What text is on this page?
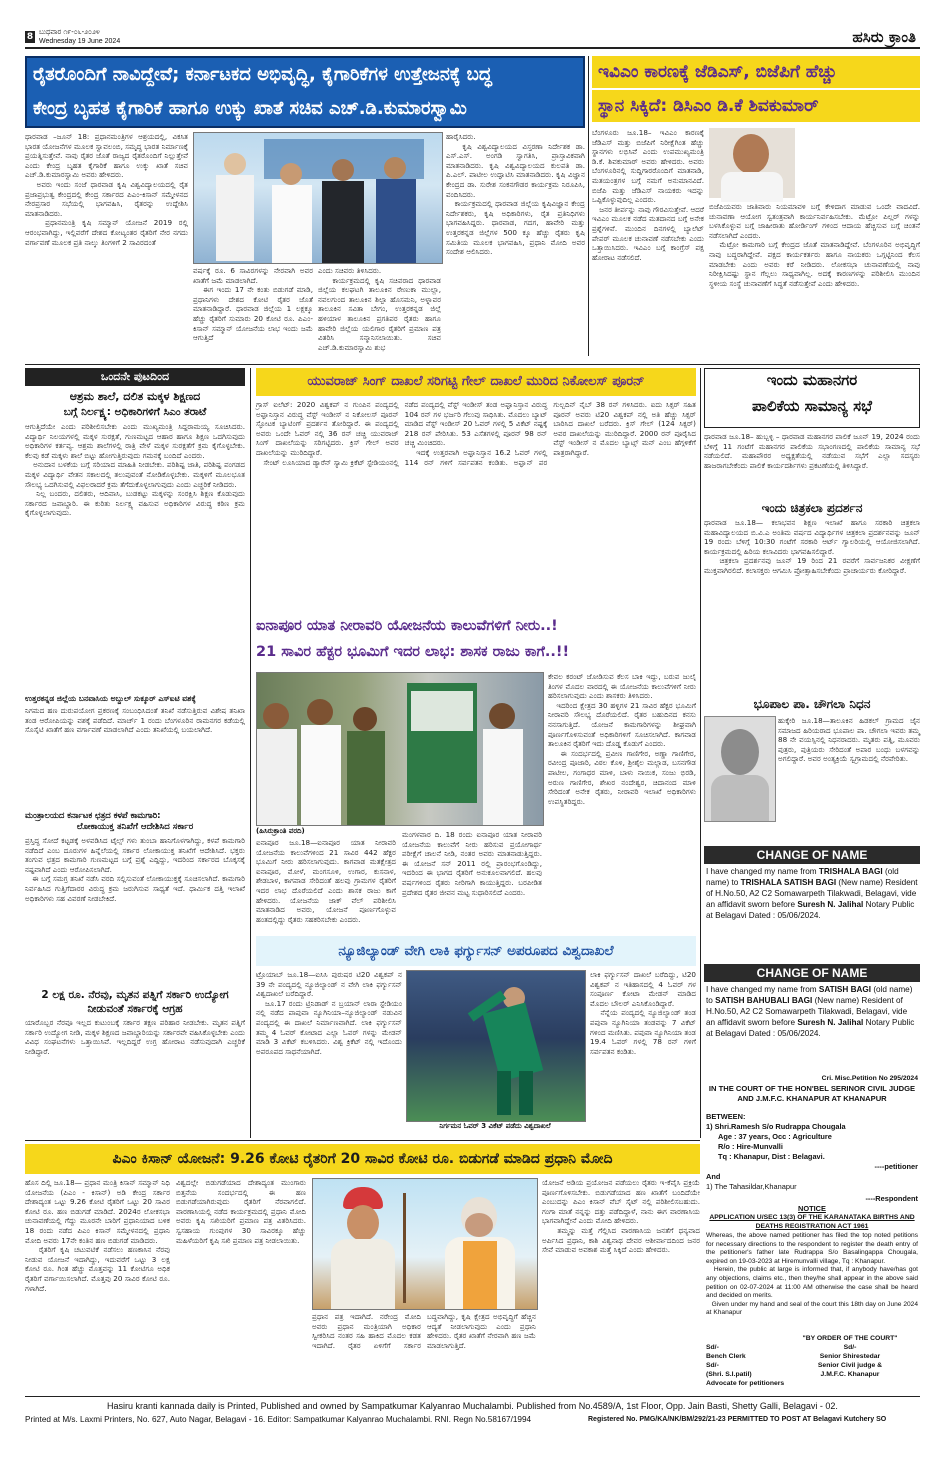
8 ಬುಧವಾರ ೧೯-೦೬-೨೦೨೪
Wednesday 19 June 2024	ಹಸಿರು ಕ್ರಾಂತಿ
ರೈತರೊಂದಿಗೆ ನಾವಿದ್ದೇವೆ; ಕರ್ನಾಟಕದ ಅಭಿವೃದ್ಧಿ, ಕೈಗಾರಿಕೆಗಳ ಉತ್ತೇಜನಕ್ಕೆ ಬದ್ಧ
ಕೇಂದ್ರ ಬೃಹತ ಕೈಗಾರಿಕೆ ಹಾಗೂ ಉಕ್ಕು ಖಾತೆ ಸಚಿವ ಎಚ್.ಡಿ.ಕುಮಾರಸ್ವಾಮಿ
ಧಾರವಾಡ –ಜೂನ್ 18: ಪ್ರಧಾನಮಂತ್ರಿಗಳ ಆಶ್ರಯದಲ್ಲಿ, ವಿಕಸಿತ ಭಾರತ ಯೋಜನೆಗಳ ಮೂಲಕ ಸ್ವಾವಲಂಬಿ, ಸಮೃದ್ಧ ಭಾರತ ನಿರ್ಮಾಣಕ್ಕೆ ಪ್ರಯತ್ನಿಸುತ್ತೇವೆ. ನಾವು ರೈತರ ಜೊತೆ ರಾಜ್ಯದ ರೈತರೊಂದಿಗೆ ನಿಲ್ಲುತ್ತೇವೆ ಎಂದು ಕೇಂದ್ರ ಬೃಹತ ಕೈಗಾರಿಕೆ ಹಾಗೂ ಉಕ್ಕು ಖಾತೆ ಸಚಿವ ಎಚ್.ಡಿ.ಕುಮಾರಸ್ವಾಮಿ ಅವರು ಹೇಳಿದರು.
ಅವರು ಇಂದು ಸಂಜೆ ಧಾರವಾಡ ಕೃಷಿ ವಿಶ್ವವಿದ್ಯಾಲಯದಲ್ಲಿ ರೈತ ಪ್ರಜಾಪ್ರಭುತ್ವ ಕೇಂದ್ರದಲ್ಲಿ ಕೇಂದ್ರ ಸರ್ಕಾರದ ಪಿಎಂ-ಕಿಸಾನ್ ಸಮ್ಮೇಳನದ ನೇರಪ್ರಸಾರ ಸಭೆಯಲ್ಲಿ ಭಾಗವಹಿಸಿ, ರೈತರನ್ನು ಉದ್ದೇಶಿಸಿ ಮಾತನಾಡಿದರು.
ಪ್ರಧಾನಮಂತ್ರಿ ಕೃಷಿ ಸಮ್ಮಾನ್ ಯೋಜನೆ 2019 ರಲ್ಲಿ ಆರಂಭವಾಗಿದ್ದು, ಇಲ್ಲಿವರೆಗೆ ದೇಶದ ಕೋಟ್ಯಂತರ ರೈತರಿಗೆ ನೇರ ನಗದು ವರ್ಗಾವಣೆ ಮೂಲಕ ಪ್ರತಿ ನಾಲ್ಕು ತಿಂಗಳಿಗೆ 2 ಸಾವಿರದಂತೆ
ವರ್ಷಕ್ಕೆ ರೂ. 6 ಸಾವಿರಗಳನ್ನು ನೇರವಾಗಿ ಅವರ ಖಾತೆಗೆ ಜಮೆ ಮಾಡಲಾಗಿದೆ.
ಈಗ ಇಂದು 17 ನೇ ಕಂತು ಬಿಡುಗಡೆ ಮಾಡಿ, ಪ್ರಧಾನಿಗಳು ದೇಶದ ಕೋಟಿ ರೈತರ ಜೊತೆ ಮಾತನಾಡಿದ್ದಾರೆ. ಧಾರವಾಡ ಜಿಲ್ಲೆಯ 1 ಲಕ್ಷಕ್ಕೂ ಹೆಚ್ಚು ರೈತರಿಗೆ ಸುಮಾರು 20 ಕೋಟಿ ರೂ. ಪಿಎಂ-ಕಿಸಾನ್ ಸಮ್ಮಾನ್ ಯೋಜನೆಯ ಲಾಭ ಇಂದು ಜಮೆ ಆಗುತ್ತಿದೆ
ಎಂದು ಸಚಿವರು ತಿಳಿಸಿದರು.
ಕಾರ್ಯಕ್ರಮದಲ್ಲಿ ಕೃಷಿ ಸಚಿವರಾದ ಧಾರವಾಡ ಜಿಲ್ಲೆಯ ಕಲಘಟಗಿ ತಾಲೂಕಿನ ರೇಣುಕಾ ಮುಲ್ಲಾ, ನವಲಗುಂದ ತಾಲೂಕಿನ ಶಿಲ್ಪಾ ಹೊಸಮನಿ, ಅಳ್ನಾವರ ತಾಲೂಕಿನ ಸವಿತಾ ಬೇಗಂ, ಉತ್ತರಕನ್ನಡ ಜಿಲ್ಲೆ ಹಳಿಯಾಳ ತಾಲೂಕಿನ ಪ್ರಗತಿಪರ ರೈತರು ಹಾಗೂ ಹಾವೇರಿ ಜಿಲ್ಲೆಯ ಯಲಿಗಾರ ರೈತರಿಗೆ ಪ್ರಮಾಣ ಪತ್ರ ವಿತರಿಸಿ ಸನ್ಮಾನಿಸಲಾಯಿತು. ಸಚಿವ ಎಚ್.ಡಿ.ಕುಮಾರಸ್ವಾಮಿ ಶುಭ
ಹಾರೈಸಿದರು.
ಕೃಷಿ ವಿಶ್ವವಿದ್ಯಾಲಯದ ವಿಸ್ತರಣಾ ನಿರ್ದೇಶಕ ಡಾ. ಎಸ್.ಎಸ್. ಅಂಗಡಿ ಸ್ವಾಗತಿಸಿ, ಪ್ರಾಸ್ತಾವಿಕವಾಗಿ ಮಾತನಾಡಿದರು. ಕೃಷಿ ವಿಶ್ವವಿದ್ಯಾಲಯದ ಕುಲಪತಿ ಡಾ. ಪಿ.ಎಲ್. ಪಾಟೀಲ ಉದ್ಘಾಟಿಸಿ ಮಾತನಾಡಿದರು. ಕೃಷಿ ವಿಜ್ಞಾನ ಕೇಂದ್ರದ ಡಾ. ಸುರೇಶ ಸಂಕನಗೌಡರ ಕಾರ್ಯಕ್ರಮ ನಿರೂಪಿಸಿ, ವಂದಿಸಿದರು.
ಕಾರ್ಯಕ್ರಮದಲ್ಲಿ ಧಾರವಾಡ ಜಿಲ್ಲೆಯ ಕೃಷಿವಿಜ್ಞಾನ ಕೇಂದ್ರ ನಿರ್ದೇಶಕರು, ಕೃಷಿ ಅಧಿಕಾರಿಗಳು, ರೈತ ಪ್ರತಿನಿಧಿಗಳು ಭಾಗವಹಿಸಿದ್ದರು. ಧಾರವಾಡ, ಗದಗ, ಹಾವೇರಿ ಮತ್ತು ಉತ್ತರಕನ್ನಡ ಜಿಲ್ಲೆಗಳ 500 ಕ್ಕೂ ಹೆಚ್ಚು ರೈತರು ಕೃಷಿ ಸಮಿತಿಯ ಮೂಲಕ ಭಾಗವಹಿಸಿ, ಪ್ರಧಾನಿ ಮೋದಿ ಅವರ ಸಂದೇಶ ಆಲಿಸಿದರು.
ಇವಿಎಂ ಕಾರಣಕ್ಕೆ ಜೆಡಿಎಸ್, ಬಿಜೆಪಿಗೆ ಹೆಚ್ಚು
ಸ್ಥಾನ ಸಿಕ್ಕಿದೆ: ಡಿಸಿಎಂ ಡಿ.ಕೆ ಶಿವಕುಮಾರ್
ಬೆಂಗಳೂರು ಜೂ.18– ಇವಿಎಂ ಕಾರಣಕ್ಕೆ ಜೆಡಿಎಸ್ ಮತ್ತು ಬಿಜೆಪಿಗೆ ನಿರೀಕ್ಷೆಗಿಂತ ಹೆಚ್ಚು ಸ್ಥಾನಗಳು ಲಭಿಸಿವೆ ಎಂದು ಉಪಮುಖ್ಯಮಂತ್ರಿ ಡಿ.ಕೆ. ಶಿವಕುಮಾರ್ ಅವರು ಹೇಳಿದರು. ಅವರು ಬೆಂಗಳೂರಿನಲ್ಲಿ ಸುದ್ದಿಗಾರರೊಂದಿಗೆ ಮಾತನಾಡಿ, ಮತಯಂತ್ರಗಳ ಬಗ್ಗೆ ನಮಗೆ ಅನುಮಾನವಿದೆ. ಬಿಜೆಪಿ ಮತ್ತು ಜೆಡಿಎಸ್ ನಾಯಕರು ಇದನ್ನು ಒಪ್ಪಿಕೊಳ್ಳುವುದಿಲ್ಲ ಎಂದರು.
ಜನರ ತೀರ್ಪನ್ನು ನಾವು ಗೌರವಿಸುತ್ತೇವೆ. ಆದರೆ ಇವಿಎಂ ಮೂಲಕ ನಡೆದ ಮತದಾನದ ಬಗ್ಗೆ ಅನೇಕ ಪ್ರಶ್ನೆಗಳಿವೆ. ಮುಂದಿನ ದಿನಗಳಲ್ಲಿ ಬ್ಯಾಲೆಟ್ ಪೇಪರ್ ಮೂಲಕ ಚುನಾವಣೆ ನಡೆಸಬೇಕು ಎಂದು ಒತ್ತಾಯಿಸಿದರು. ಇವಿಎಂ ಬಗ್ಗೆ ಕಾಂಗ್ರೆಸ್ ಪಕ್ಷ ಹೋರಾಟ ನಡೆಸಲಿದೆ.
ಬಿಜೆಪಿಯವರು ಜಾತಿವಾರು ನಿಯಮಾವಳಿ ಬಗ್ಗೆ ಕೇಳಿದಾಗ ಮಾಡುವ ಒಂದೇ ವಾದವಿದೆ. ಚುನಾವಣಾ ಆಯೋಗ ಸ್ವತಂತ್ರವಾಗಿ ಕಾರ್ಯನಿರ್ವಹಿಸಬೇಕು. ಮೆಟ್ರೋ ಪಿಲ್ಲರ್ ಗಳನ್ನು ಬಳಸಿಕೊಳ್ಳುವ ಬಗ್ಗೆ ಜಾಹೀರಾತು ಹೋರ್ಡಿಂಗ್ ಗಳಿಂದ ಆದಾಯ ಹೆಚ್ಚಿಸುವ ಬಗ್ಗೆ ಚಿಂತನೆ ನಡೆಸಲಾಗಿದೆ ಎಂದರು.
ಮೆಟ್ರೋ ಕಾಮಗಾರಿ ಬಗ್ಗೆ ಕೇಂದ್ರದ ಜೊತೆ ಮಾತನಾಡಿದ್ದೇವೆ. ಬೆಂಗಳೂರಿನ ಅಭಿವೃದ್ಧಿಗೆ ನಾವು ಬದ್ಧರಾಗಿದ್ದೇವೆ. ಪಕ್ಷದ ಕಾರ್ಯಕರ್ತರು ಹಾಗೂ ನಾಯಕರು ಒಗ್ಗಟ್ಟಿನಿಂದ ಕೆಲಸ ಮಾಡಬೇಕು ಎಂದು ಅವರು ಕರೆ ನೀಡಿದರು. ಲೋಕಸಭಾ ಚುನಾವಣೆಯಲ್ಲಿ ನಾವು ನಿರೀಕ್ಷಿಸಿದಷ್ಟು ಸ್ಥಾನ ಗೆಲ್ಲಲು ಸಾಧ್ಯವಾಗಿಲ್ಲ. ಅದಕ್ಕೆ ಕಾರಣಗಳನ್ನು ಪರಿಶೀಲಿಸಿ ಮುಂದಿನ ಸ್ಥಳೀಯ ಸಂಸ್ಥೆ ಚುನಾವಣೆಗೆ ಸಿದ್ಧತೆ ನಡೆಸುತ್ತೇವೆ ಎಂದು ಹೇಳಿದರು.
ಒಂದನೇ ಪುಟದಿಂದ
ಆಶ್ರಮ ಶಾಲೆ, ದಲಿತ ಮಕ್ಕಳ ಶಿಕ್ಷಣದ
ಬಗ್ಗೆ ನಿರ್ಲಕ್ಷ್ಯ: ಅಧಿಕಾರಿಗಳಿಗೆ ಸಿಎಂ ತರಾಟೆ
ಆಗುತ್ತಿದೆಯೇ ಎಂದು ಪರಿಶೀಲಿಸಬೇಕು ಎಂದು ಮುಖ್ಯಮಂತ್ರಿ ಸಿದ್ದರಾಮಯ್ಯ ಸೂಚಿಸಿದರು. ವಿದ್ಯಾರ್ಥಿ ನಿಲಯಗಳಲ್ಲಿ ಮಕ್ಕಳ ಸುರಕ್ಷತೆ, ಗುಣಮಟ್ಟದ ಆಹಾರ ಹಾಗೂ ಶಿಕ್ಷಣ ಒದಗಿಸುವುದು ಅಧಿಕಾರಿಗಳ ಕರ್ತವ್ಯ. ಆಶ್ರಮ ಶಾಲೆಗಳಲ್ಲಿ ರಾತ್ರಿ ವೇಳೆ ಮಕ್ಕಳ ಸುರಕ್ಷತೆಗೆ ಕ್ರಮ ಕೈಗೊಳ್ಳಬೇಕು. ಕೆಲವು ಕಡೆ ಮಕ್ಕಳು ಶಾಲೆ ಬಿಟ್ಟು ಹೋಗುತ್ತಿರುವುದು ಗಮನಕ್ಕೆ ಬಂದಿದೆ ಎಂದರು.
ಅನುದಾನ ಬಳಕೆಯ ಬಗ್ಗೆ ಸರಿಯಾದ ಮಾಹಿತಿ ನೀಡಬೇಕು. ಪರಿಶಿಷ್ಟ ಜಾತಿ, ಪರಿಶಿಷ್ಟ ಪಂಗಡದ ಮಕ್ಕಳ ವಿದ್ಯಾರ್ಥಿ ವೇತನ ಸಕಾಲದಲ್ಲಿ ತಲುಪುವಂತೆ ನೋಡಿಕೊಳ್ಳಬೇಕು. ಮಕ್ಕಳಿಗೆ ಮೂಲಭೂತ ಸೌಲಭ್ಯ ಒದಗಿಸುವಲ್ಲಿ ವಿಫಲರಾದರೆ ಕ್ರಮ ತೆಗೆದುಕೊಳ್ಳಲಾಗುವುದು ಎಂದು ಎಚ್ಚರಿಕೆ ನೀಡಿದರು.
ನಿಲ್ಲ ಬಂದರು, ದಲಿತರು, ಆದಿವಾಸಿ, ಬುಡಕಟ್ಟು ಮಕ್ಕಳನ್ನು ಸಂರಕ್ಷಿಸಿ ಶಿಕ್ಷಣ ಕೊಡುವುದು ಸರ್ಕಾರದ ಜವಾಬ್ದಾರಿ. ಈ ಕುರಿತು ನಿರ್ಲಕ್ಷ್ಯ ವಹಿಸುವ ಅಧಿಕಾರಿಗಳ ವಿರುದ್ಧ ಕಠಿಣ ಕ್ರಮ ಕೈಗೊಳ್ಳಲಾಗುವುದು.
ಉತ್ತರಕನ್ನಡ ಜಿಲ್ಲೆಯ ಬನವಾಸಿಯ ಅಬ್ದುಲ್ ಸುಕ್ಕೂರ್ ಎಸ್ಐಟಿ ವಶಕ್ಕೆ
ನಿಗಮದ ಹಣ ದುರುಪಯೋಗ ಪ್ರಕರಣಕ್ಕೆ ಸಂಬಂಧಿಸಿದಂತೆ ತನಿಖೆ ನಡೆಸುತ್ತಿರುವ ವಿಶೇಷ ತನಿಖಾ ತಂಡ ಆರೋಪಿಯನ್ನು ವಶಕ್ಕೆ ಪಡೆದಿದೆ. ಮಾರ್ಚ್ 1 ರಂದು ಬೆಂಗಳೂರಿನ ರಾಮನಗರ ಕಡೆಯಲ್ಲಿ ಸೊಸೈಟಿ ಖಾತೆಗೆ ಹಣ ವರ್ಗಾವಣೆ ಮಾಡಲಾಗಿದೆ ಎಂದು ತನಿಖೆಯಲ್ಲಿ ಬಯಲಾಗಿದೆ.
ಮಂತ್ರಾಲಯದ ಕರ್ನಾಟಕ ಛತ್ರದ ಕಳಪೆ ಕಾಮಗಾರಿ:
ಲೋಕಾಯುಕ್ತ ತನಿಖೆಗೆ ಆದೇಶಿಸಿದ ಸರ್ಕಾರ
ಪ್ರಸ್ತಿದ್ಧ ಸೋದೆ ಕಟ್ಟಡಕ್ಕೆ ಅಳವಡಿಸಿದ ಟೈಲ್ಸ್ ಗಳು ತುಂಬಾ ಹಾನಿಗೊಳಗಾಗಿದ್ದು, ಕಳಪೆ ಕಾಮಗಾರಿ ನಡೆದಿದೆ ಎಂಬ ದೂರುಗಳ ಹಿನ್ನೆಲೆಯಲ್ಲಿ ಸರ್ಕಾರ ಲೋಕಾಯುಕ್ತ ತನಿಖೆಗೆ ಆದೇಶಿಸಿದೆ. ಭಕ್ತರು ತಂಗುವ ಛತ್ರದ ಕಾಮಗಾರಿ ಗುಣಮಟ್ಟದ ಬಗ್ಗೆ ಪ್ರಶ್ನೆ ಎದ್ದಿದ್ದು, ಇದರಿಂದ ಸರ್ಕಾರದ ಬೊಕ್ಕಸಕ್ಕೆ ನಷ್ಟವಾಗಿದೆ ಎಂದು ಆರೋಪಿಸಲಾಗಿದೆ.
ಈ ಬಗ್ಗೆ ಸಮಗ್ರ ತನಿಖೆ ನಡೆಸಿ ವರದಿ ಸಲ್ಲಿಸುವಂತೆ ಲೋಕಾಯುಕ್ತಕ್ಕೆ ಸೂಚಿಸಲಾಗಿದೆ. ಕಾಮಗಾರಿ ನಿರ್ವಹಿಸಿದ ಗುತ್ತಿಗೆದಾರರ ವಿರುದ್ಧ ಕ್ರಮ ಜರುಗಿಸುವ ಸಾಧ್ಯತೆ ಇದೆ. ಧಾರ್ಮಿಕ ದತ್ತಿ ಇಲಾಖೆ ಅಧಿಕಾರಿಗಳು ಸಹ ವಿವರಣೆ ನೀಡಬೇಕಿದೆ.
2 ಲಕ್ಷ ರೂ. ನೆರವು, ಮೃತನ ಪತ್ನಿಗೆ ಸರ್ಕಾರಿ ಉದ್ಯೋಗ ನೀಡುವಂತೆ ಸರ್ಕಾರಕ್ಕೆ ಆಗ್ರಹ
ಯಾರೊಬ್ಬರ ನೆರವೂ ಇಲ್ಲದ ಕುಟುಂಬಕ್ಕೆ ಸರ್ಕಾರ ತಕ್ಷಣ ಪರಿಹಾರ ನೀಡಬೇಕು. ಮೃತನ ಪತ್ನಿಗೆ ಸರ್ಕಾರಿ ಉದ್ಯೋಗ ನೀಡಿ, ಮಕ್ಕಳ ಶಿಕ್ಷಣದ ಜವಾಬ್ದಾರಿಯನ್ನು ಸರ್ಕಾರವೇ ವಹಿಸಿಕೊಳ್ಳಬೇಕು ಎಂದು ವಿವಿಧ ಸಂಘಟನೆಗಳು ಒತ್ತಾಯಿಸಿವೆ. ಇಲ್ಲದಿದ್ದರೆ ಉಗ್ರ ಹೋರಾಟ ನಡೆಸುವುದಾಗಿ ಎಚ್ಚರಿಕೆ ನೀಡಿದ್ದಾರೆ.
ಯುವರಾಜ್ ಸಿಂಗ್ ದಾಖಲೆ ಸರಿಗಟ್ಟಿ ಗೇಲ್ ದಾಖಲೆ ಮುರಿದ ನಿಕೋಲಸ್ ಪೂರನ್
ಗ್ರಾಸ್ ಐಲೆಟ್: 2020 ವಿಶ್ವಕಪ್ ನ ಗುಂಪಿನ ಪಂದ್ಯದಲ್ಲಿ ಅಫ್ಘಾನಿಸ್ತಾನ ವಿರುದ್ಧ ವೆಸ್ಟ್ ಇಂಡೀಸ್ ನ ನಿಕೋಲಸ್ ಪೂರನ್ ಸ್ಫೋಟಕ ಬ್ಯಾಟಿಂಗ್ ಪ್ರದರ್ಶನ ತೋರಿದ್ದಾರೆ. ಈ ಪಂದ್ಯದಲ್ಲಿ ಅವರು ಒಂದೇ ಓವರ್ ನಲ್ಲಿ 36 ರನ್ ಚಚ್ಚಿ ಯುವರಾಜ್ ಸಿಂಗ್ ದಾಖಲೆಯನ್ನು ಸರಿಗಟ್ಟಿದರು. ಕ್ರಿಸ್ ಗೇಲ್ ಅವರ ದಾಖಲೆಯನ್ನು ಮುರಿದಿದ್ದಾರೆ.
ಸೇಂಟ್ ಲೂಸಿಯಾದ ಡ್ಯಾರೆನ್ ಸ್ಯಾಮಿ ಕ್ರಿಕೆಟ್ ಸ್ಟೇಡಿಯಂನಲ್ಲಿ ನಡೆದ ಪಂದ್ಯದಲ್ಲಿ ವೆಸ್ಟ್ ಇಂಡೀಸ್ ತಂಡ ಅಫ್ಘಾನಿಸ್ತಾನ ವಿರುದ್ಧ 104 ರನ್ ಗಳ ಭರ್ಜರಿ ಗೆಲುವು ಸಾಧಿಸಿತು. ಮೊದಲು ಬ್ಯಾಟ್ ಮಾಡಿದ ವೆಸ್ಟ್ ಇಂಡೀಸ್ 20 ಓವರ್ ಗಳಲ್ಲಿ 5 ವಿಕೆಟ್ ನಷ್ಟಕ್ಕೆ 218 ರನ್ ಪೇರಿಸಿತು. 53 ಎಸೆತಗಳಲ್ಲಿ ಪೂರನ್ 98 ರನ್ ಚಚ್ಚಿ ಮಿಂಚಿದರು.
ಇದಕ್ಕೆ ಉತ್ತರವಾಗಿ ಅಫ್ಘಾನಿಸ್ತಾನ 16.2 ಓವರ್ ಗಳಲ್ಲಿ 114 ರನ್ ಗಳಿಗೆ ಸರ್ವಪತನ ಕಂಡಿತು. ಅಫ್ಘಾನ್ ಪರ ಗುಲ್ಬದಿನ್ ನೈಬ್ 38 ರನ್ ಗಳಿಸಿದರು. ಐದು ಸಿಕ್ಸರ್ ಸಹಿತ ಪೂರನ್ ಅವರು ಟಿ20 ವಿಶ್ವಕಪ್ ನಲ್ಲಿ ಅತಿ ಹೆಚ್ಚು ಸಿಕ್ಸರ್ ಬಾರಿಸಿದ ದಾಖಲೆ ಬರೆದರು. ಕ್ರಿಸ್ ಗೇಲ್ (124 ಸಿಕ್ಸರ್) ಅವರ ದಾಖಲೆಯನ್ನು ಮುರಿದಿದ್ದಾರೆ. 2000 ರನ್ ಪೂರೈಸಿದ ವೆಸ್ಟ್ ಇಂಡೀಸ್ ನ ಮೊದಲ ಬ್ಯಾಟ್ಸ್ ಮನ್ ಎಂಬ ಹೆಗ್ಗಳಿಕೆಗೆ ಪಾತ್ರರಾಗಿದ್ದಾರೆ.
ಐನಾಪೂರ ಯಾತ ನೀರಾವರಿ ಯೋಜನೆಯ ಕಾಲುವೆಗಳಿಗೆ ನೀರು..!
21 ಸಾವಿರ ಹೆಕ್ಟರ ಭೂಮಿಗೆ ಇದರ ಲಾಭ: ಶಾಸಕ ರಾಜು ಕಾಗೆ..!!
ಕೇವಲ ಕರಂಟ್ ಜೋಡಿಸುವ ಕೆಲಸ ಬಾಕಿ ಇದ್ದು, ಬರುವ ಜುಲೈ ತಿಂಗಳ ಮೊದಲ ವಾರದಲ್ಲಿ ಈ ಯೋಜನೆಯ ಕಾಲುವೆಗಳಿಗೆ ನೀರು ಹರಿಸಲಾಗುವುದು ಎಂದು ಶಾಸಕರು ತಿಳಿಸಿದರು.
ಇದರಿಂದ ಕ್ಷೇತ್ರದ 30 ಹಳ್ಳಿಗಳ 21 ಸಾವಿರ ಹೆಕ್ಟರ ಭೂಮಿಗೆ ನೀರಾವರಿ ಸೌಲಭ್ಯ ದೊರೆಯಲಿದೆ. ರೈತರ ಬಹುದಿನದ ಕನಸು ನನಸಾಗುತ್ತಿದೆ. ಯೋಜನೆ ಕಾಮಗಾರಿಗಳನ್ನು ಶೀಘ್ರವಾಗಿ ಪೂರ್ಣಗೊಳಿಸುವಂತೆ ಅಧಿಕಾರಿಗಳಿಗೆ ಸೂಚಿಸಲಾಗಿದೆ. ಕಾಗವಾಡ ತಾಲೂಕಿನ ರೈತರಿಗೆ ಇದು ದೊಡ್ಡ ಕೊಡುಗೆ ಎಂದರು.
ಈ ಸಂದರ್ಭದಲ್ಲಿ ಪ್ರವೀಣ ಗಾಣಿಗೇರ, ಅಣ್ಣಾ ಗಾಣಿಗೇರ, ರವೀಂದ್ರ ಪೂಜಾರಿ, ವಿಠಲ ಕೊಳಿ, ಶ್ರೀಶೈಲ ಮಲ್ಲಾಡ, ಬಸನಗೌಡ ಪಾಟೀಲ, ಗಂಗಾಧರ ಮಾಳಿ, ಬಾಳು ನಾಯಿಕ, ಸಂಜು ಭಿರಡಿ, ಅರುಣ ಗಾಣಿಗೇರ, ಶೇಖರ ನಂದೇಶ್ವರ, ಚಿದಾನಂದ ಮಾಳಿ ಸೇರಿದಂತೆ ಅನೇಕ ರೈತರು, ನೀರಾವರಿ ಇಲಾಖೆ ಅಧಿಕಾರಿಗಳು ಉಪಸ್ಥಿತರಿದ್ದರು.
(ಹಿಸಿರುಕ್ರಾಂತಿ ವರದಿ)
ಐನಾಪೂರ ಜೂ.18—ಐನಾಪೂರ ಯಾತ ನೀರಾವರಿ ಯೋಜನೆಯ ಕಾಲುವೆಗಳಿಂದ 21 ಸಾವಿರ 442 ಹೆಕ್ಟರ ಭೂಮಿಗೆ ನೀರು ಹರಿಸಲಾಗುವುದು. ಕಾಗವಾಡ ಮತಕ್ಷೇತ್ರದ ಐನಾಪೂರ, ಮೋಳೆ, ಮಂಗಸೂಳಿ, ಉಗಾರ, ಕುಸನಾಳ, ಶೇಡಬಾಳ, ಕಾಗವಾಡ ಸೇರಿದಂತೆ ಹಲವು ಗ್ರಾಮಗಳ ರೈತರಿಗೆ ಇದರ ಲಾಭ ದೊರೆಯಲಿದೆ ಎಂದು ಶಾಸಕ ರಾಜು ಕಾಗೆ ಹೇಳಿದರು. ಯೋಜನೆಯ ಜಾಕ್ ವೆಲ್ ಪರಿಶೀಲಿಸಿ ಮಾತನಾಡಿದ ಅವರು, ಯೋಜನೆ ಪೂರ್ಣಗೊಳ್ಳುವ ಹಂತದಲ್ಲಿದ್ದು ರೈತರು ಸಹಕರಿಸಬೇಕು ಎಂದರು.
ಮಂಗಳವಾರ ದಿ. 18 ರಂದು ಐನಾಪೂರ ಯಾತ ನೀರಾವರಿ ಯೋಜನೆಯ ಕಾಲುವೆಗೆ ನೀರು ಹರಿಸುವ ಪ್ರಯೋಗಾರ್ಥ ಪರೀಕ್ಷೆಗೆ ಚಾಲನೆ ನೀಡಿ, ನಂತರ ಅವರು ಮಾತನಾಡುತ್ತಿದ್ದರು. ಈ ಯೋಜನೆ ಸನ್ 2011 ರಲ್ಲಿ ಪ್ರಾರಂಭಗೊಂಡಿದ್ದು, ಇದರಿಂದ ಈ ಭಾಗದ ರೈತರಿಗೆ ಅನುಕೂಲವಾಗಲಿದೆ. ಹಲವು ವರ್ಷಗಳಿಂದ ರೈತರು ನೀರಿಗಾಗಿ ಕಾಯುತ್ತಿದ್ದರು. ಬರಪೀಡಿತ ಪ್ರದೇಶದ ರೈತರ ಜೀವನ ಮಟ್ಟ ಸುಧಾರಿಸಲಿದೆ ಎಂದರು.
ನ್ಯೂಜಿಲ್ಯಾಂಡ್ ವೇಗಿ ಲಾಕಿ ಫರ್ಗ್ಯುಸನ್ ಅಪರೂಪದ ವಿಶ್ವದಾಖಲೆ
ಟ್ರೊಯಾಬ್ ಜೂ.18—ಐಸಿಸಿ ಪುರುಷರ ಟಿ20 ವಿಶ್ವಕಪ್ ನ 39 ನೇ ಪಂದ್ಯದಲ್ಲಿ ನ್ಯೂಜಿಲ್ಯಾಂಡ್ ನ ವೇಗಿ ಲಾಕಿ ಫರ್ಗ್ಯುಸನ್ ವಿಶ್ವದಾಖಲೆ ಬರೆದಿದ್ದಾರೆ.
ಜೂ.17 ರಂದು ಟ್ರಿನಿಡಾಡ್ ನ ಬ್ರಯಾನ್ ಲಾರಾ ಸ್ಟೇಡಿಯಂ ನಲ್ಲಿ ನಡೆದ ಪಾಪುವಾ ನ್ಯೂಗಿನಿಯಾ–ನ್ಯೂಜಿಲ್ಯಾಂಡ್ ನಡುವಿನ ಪಂದ್ಯದಲ್ಲಿ ಈ ದಾಖಲೆ ನಿರ್ಮಾಣವಾಗಿದೆ. ಲಾಕಿ ಫರ್ಗ್ಯುಸನ್ ತಮ್ಮ 4 ಓವರ್ ಕೋಟಾದ ಎಲ್ಲಾ ಓವರ್ ಗಳನ್ನು ಮೇಡನ್ ಮಾಡಿ 3 ವಿಕೆಟ್ ಕಬಳಿಸಿದರು. ವಿಶ್ವ ಕ್ರಿಕೆಟ್ ನಲ್ಲಿ ಇದೊಂದು ಅಪರೂಪದ ಸಾಧನೆಯಾಗಿದೆ.
ನಿರ್ಗಮನ ಓವರ್ 3 ವಿಕೆಟ್ ಪಡೆದು ವಿಶ್ವದಾಖಲೆ
ಲಾಕಿ ಫರ್ಗ್ಯುಸನ್ ದಾಖಲೆ ಬರೆದಿದ್ದು, ಟಿ20 ವಿಶ್ವಕಪ್ ನ ಇತಿಹಾಸದಲ್ಲಿ 4 ಓವರ್ ಗಳ ಸಂಪೂರ್ಣ ಕೋಟಾ ಮೇಡನ್ ಮಾಡಿದ ಮೊದಲ ಬೌಲರ್ ಎನಿಸಿಕೊಂಡಿದ್ದಾರೆ.
ನೆನ್ನೆಯ ಪಂದ್ಯದಲ್ಲಿ ನ್ಯೂಜಿಲ್ಯಾಂಡ್ ತಂಡ ಪಪುವಾ ನ್ಯೂಗಿನಿಯಾ ತಂಡವನ್ನು 7 ವಿಕೆಟ್ ಗಳಿಂದ ಮಣಿಸಿತು. ಪಪುವಾ ನ್ಯೂಗಿನಿಯಾ ತಂಡ 19.4 ಓವರ್ ಗಳಲ್ಲಿ 78 ರನ್ ಗಳಿಗೆ ಸರ್ವಪತನ ಕಂಡಿತು.
ಇಂದು ಮಹಾನಗರ
ಪಾಲಿಕೆಯ ಸಾಮಾನ್ಯ ಸಭೆ
ಧಾರವಾಡ ಜೂ.18– ಹುಬ್ಬಳ್ಳಿ – ಧಾರವಾಡ ಮಹಾನಗರ ಪಾಲಿಕೆ ಜೂನ್ 19, 2024 ರಂದು ಬೆಳಿಗ್ಗೆ 11 ಗಂಟೆಗೆ ಮಹಾನಗರ ಪಾಲಿಕೆಯ ಸಭಾಂಗಣದಲ್ಲಿ ಪಾಲಿಕೆಯ ಸಾಮಾನ್ಯ ಸಭೆ ನಡೆಯಲಿದೆ. ಮಹಾಪೌರರ ಅಧ್ಯಕ್ಷತೆಯಲ್ಲಿ ನಡೆಯುವ ಸಭೆಗೆ ಎಲ್ಲಾ ಸದಸ್ಯರು ಹಾಜರಾಗಬೇಕೆಂದು ಪಾಲಿಕೆ ಕಾರ್ಯದರ್ಶಿಗಳು ಪ್ರಕಟಣೆಯಲ್ಲಿ ತಿಳಿಸಿದ್ದಾರೆ.
ಇಂದು ಚಿತ್ರಕಲಾ ಪ್ರದರ್ಶನ
ಧಾರವಾಡ ಜೂ.18— ಕಲಾಭವನ ಶಿಕ್ಷಣ ಇಲಾಖೆ ಹಾಗೂ ಸರಕಾರಿ ಚಿತ್ರಕಲಾ ಮಹಾವಿದ್ಯಾಲಯದ ಬಿ.ವಿ.ಎ ಅಂತಿಮ ವರ್ಷದ ವಿದ್ಯಾರ್ಥಿಗಳ ಚಿತ್ರಕಲಾ ಪ್ರದರ್ಶನವನ್ನು ಜೂನ್ 19 ರಂದು ಬೆಳಿಗ್ಗೆ 10:30 ಗಂಟೆಗೆ ಸರಕಾರಿ ಆರ್ಟ್ ಗ್ಯಾಲರಿಯಲ್ಲಿ ಆಯೋಜಿಸಲಾಗಿದೆ. ಕಾರ್ಯಕ್ರಮದಲ್ಲಿ ಹಿರಿಯ ಕಲಾವಿದರು ಭಾಗವಹಿಸಲಿದ್ದಾರೆ.
ಚಿತ್ರಕಲಾ ಪ್ರದರ್ಶನವು ಜೂನ್ 19 ರಿಂದ 21 ರವರೆಗೆ ಸಾರ್ವಜನಿಕರ ವೀಕ್ಷಣೆಗೆ ಮುಕ್ತವಾಗಿರಲಿದೆ. ಕಲಾಸಕ್ತರು ಆಗಮಿಸಿ ಪ್ರೋತ್ಸಾಹಿಸಬೇಕೆಂದು ಪ್ರಾಚಾರ್ಯರು ಕೋರಿದ್ದಾರೆ.
ಭೂಪಾಲ ಪಾ. ಚೌಗಲಾ ನಿಧನ
ಹುಕ್ಕೇರಿ ಜೂ.18—ತಾಲೂಕಿನ ಹಿಡಕಲ್ ಗ್ರಾಮದ ಜೈನ ಸಮಾಜದ ಹಿರಿಯರಾದ ಭೂಪಾಲ ಪಾ. ಚೌಗಲಾ ಇವರು ತಮ್ಮ 88 ನೇ ವಯಸ್ಸಿನಲ್ಲಿ ನಿಧನರಾದರು. ಮೃತರು ಪತ್ನಿ, ಮೂವರು ಪುತ್ರರು, ಪುತ್ರಿಯರು ಸೇರಿದಂತೆ ಅಪಾರ ಬಂಧು ಬಳಗವನ್ನು ಅಗಲಿದ್ದಾರೆ. ಅವರ ಅಂತ್ಯಕ್ರಿಯೆ ಸ್ವಗ್ರಾಮದಲ್ಲಿ ನೆರವೇರಿತು.
CHANGE OF NAME
I have changed my name from TRISHALA BAGI (old name) to TRISHALA SATISH BAGI (New name) Resident of H.No.50, A2 C2 Somawarpeth Tilakwadi, Belagavi, vide an affidavit sworn before Suresh N. Jalihal Notary Public at Belagavi Dated : 05/06/2024.
CHANGE OF NAME
I have changed my name from SATISH BAGI (old name) to SATISH BAHUBALI BAGI (New name) Resident of H.No.50, A2 C2 Somawarpeth Tilakwadi, Belagavi, vide an affidavit sworn before Suresh N. Jalihal Notary Public at Belagavi Dated : 05/06/2024.
Cri. Misc.Petition No 295/2024
IN THE COURT OF THE HON'BEL SERINOR CIVIL JUDGE AND J.M.F.C. KHANAPUR AT KHANAPUR
BETWEEN:
1) Shri.Ramesh S/o Rudrappa Chougala
Age : 37 years, Occ : Agriculture
R/o : Hire-Munvalli
Tq : Khanapur, Dist : Belagavi.
----petitioner
And
1) The Tahasildar,Khanapur
----Respondent
NOTICE
APPLICATION U/SEC 13(3) OF THE KARANATAKA BIRTHS AND DEATHS REGISTRATION ACT 1961
Whereas, the above named petitioner has filed the top noted petitions for necessary directions to the respondent to register the death entry of the petitioner's father late Rudrappa S/o Basalingappa Chougala, expired on 19-03-2023 at Hiremunvalli village, Tq : Khanapur.
Herein, the public at large is informed that, if anybody have/has got any objections, claims etc., then they/he shall appear in the above said petition on 02-07-2024 at 11:00 AM otherwise the case shall be heard and decided on merits.
Given under my hand and seal of the court this 18th day on June 2024 at Khanapur
"BY ORDER OF THE COURT"
Sd/-
Sd/-
Bench Clerk	Senior Shirestedar
Senior Civil judge &
Sd/-
(Shri. S.I.patil)	J.M.F.C. Khanapur
Advocate for petitioners
ಪಿಎಂ ಕಿಸಾನ್ ಯೋಜನೆ: 9.26 ಕೋಟಿ ರೈತರಿಗೆ 20 ಸಾವಿರ ಕೋಟಿ ರೂ. ಬಿಡುಗಡೆ ಮಾಡಿದ ಪ್ರಧಾನಿ ಮೋದಿ
ಹೊಸ ದಿಲ್ಲಿ ಜೂ.18— ಪ್ರಧಾನ ಮಂತ್ರಿ ಕಿಸಾನ್ ಸಮ್ಮಾನ್ ನಿಧಿ ಯೋಜನೆಯ (ಪಿಎಂ - ಕಿಸಾನ್) ಅಡಿ ಕೇಂದ್ರ ಸರ್ಕಾರ ದೇಶಾದ್ಯಂತ ಒಟ್ಟು 9.26 ಕೋಟಿ ರೈತರಿಗೆ ಒಟ್ಟು 20 ಸಾವಿರ ಕೋಟಿ ರೂ. ಹಣ ಬಿಡುಗಡೆ ಮಾಡಿದೆ. 2024ರ ಲೋಕಸಭಾ ಚುನಾವಣೆಯಲ್ಲಿ ಗೆದ್ದು ಮೂರನೇ ಬಾರಿಗೆ ಪ್ರಧಾನಿಯಾದ ಬಳಿಕ 18 ರಂದು ನಡೆದ ಪಿಎಂ ಕಿಸಾನ್ ಸಮ್ಮೇಳನದಲ್ಲಿ ಪ್ರಧಾನಿ ಮೋದಿ ಅವರು 17ನೇ ಕಂತಿನ ಹಣ ಬಿಡುಗಡೆ ಮಾಡಿದರು.
ರೈತರಿಗೆ ಕೃಷಿ ಚಟುವಟಿಕೆ ನಡೆಸಲು ಹಣಕಾಸಿನ ನೆರವು ನೀಡುವ ಯೋಜನೆ ಇದಾಗಿದ್ದು, ಇದುವರೆಗೆ ಒಟ್ಟು 3 ಲಕ್ಷ ಕೋಟಿ ರೂ. ಗಿಂತ ಹೆಚ್ಚು ಮೊತ್ತವನ್ನು 11 ಕೋಟಿಗೂ ಅಧಿಕ ರೈತರಿಗೆ ವರ್ಗಾಯಿಸಲಾಗಿದೆ. ಮೊತ್ತವು 20 ಸಾವಿರ ಕೋಟಿ ರೂ. ಗಳಾಗಿದೆ.
ವಿಶ್ವದಲ್ಲೇ ಬಿಡುಗಡೆಯಾದ ದೇಶಾದ್ಯಂತ ಮುಂಗಾರು ಬಿತ್ತನೆಯ ಸಂದರ್ಭದಲ್ಲಿ ಈ ಹಣ ಬಿಡುಗಡೆಯಾಗಿರುವುದು ರೈತರಿಗೆ ನೆರವಾಗಲಿದೆ. ವಾರಣಾಸಿಯಲ್ಲಿ ನಡೆದ ಕಾರ್ಯಕ್ರಮದಲ್ಲಿ ಪ್ರಧಾನಿ ಮೋದಿ ಅವರು ಕೃಷಿ ಸಖಿಯರಿಗೆ ಪ್ರಮಾಣ ಪತ್ರ ವಿತರಿಸಿದರು. ಸ್ವಸಹಾಯ ಗುಂಪುಗಳ 30 ಸಾವಿರಕ್ಕೂ ಹೆಚ್ಚು ಮಹಿಳೆಯರಿಗೆ ಕೃಷಿ ಸಖಿ ಪ್ರಮಾಣ ಪತ್ರ ನೀಡಲಾಯಿತು.
ಪ್ರಧಾನ ಪತ್ರ ಇದಾಗಿದೆ. ನರೇಂದ್ರ ಮೋದಿ ಅವರು ಪ್ರಧಾನ ಮಂತ್ರಿಯಾಗಿ ಅಧಿಕಾರ ಸ್ವೀಕರಿಸಿದ ನಂತರ ಸಹಿ ಹಾಕಿದ ಮೊದಲ ಕಡತ ಇದಾಗಿದೆ. ರೈತರ ಏಳಿಗೆಗೆ ಸರ್ಕಾರ ಬದ್ಧವಾಗಿದ್ದು, ಕೃಷಿ ಕ್ಷೇತ್ರದ ಅಭಿವೃದ್ಧಿಗೆ ಹೆಚ್ಚಿನ ಆದ್ಯತೆ ನೀಡಲಾಗುವುದು ಎಂದು ಪ್ರಧಾನಿ ಹೇಳಿದರು. ರೈತರ ಖಾತೆಗೆ ನೇರವಾಗಿ ಹಣ ಜಮೆ ಮಾಡಲಾಗುತ್ತಿದೆ.
ಯೋಜನೆ ಅಡಿಯ ಪ್ರಯೋಜನ ಪಡೆಯಲು ರೈತರು ಇ-ಕೆವೈಸಿ ಪ್ರಕ್ರಿಯೆ ಪೂರ್ಣಗೊಳಿಸಬೇಕು. ಬಿಡುಗಡೆಯಾದ ಹಣ ಖಾತೆಗೆ ಬಂದಿದೆಯೇ ಎಂಬುದನ್ನು ಪಿಎಂ ಕಿಸಾನ್ ವೆಬ್ ಸೈಟ್ ನಲ್ಲಿ ಪರಿಶೀಲಿಸಬಹುದು. ಗಂಗಾ ಮಾತೆ ನನ್ನನ್ನು ದತ್ತು ಪಡೆದಿದ್ದಾಳೆ, ನಾನು ಈಗ ವಾರಣಾಸಿಯ ಭಾಗವಾಗಿದ್ದೇನೆ ಎಂದು ಮೋದಿ ಹೇಳಿದರು.
ತಮ್ಮನ್ನು ಮತ್ತೆ ಗೆಲ್ಲಿಸಿದ ವಾರಣಾಸಿಯ ಜನತೆಗೆ ಧನ್ಯವಾದ ಅರ್ಪಿಸಿದ ಪ್ರಧಾನಿ, ಕಾಶಿ ವಿಶ್ವನಾಥ ದೇವರ ಆಶೀರ್ವಾದದಿಂದ ಜನರ ಸೇವೆ ಮಾಡುವ ಅವಕಾಶ ಮತ್ತೆ ಸಿಕ್ಕಿದೆ ಎಂದು ಹೇಳಿದರು.
Hasiru kranti kannada daily is Printed, Published and owned by Sampatkumar Kalyanrao Muchalambi. Published from No.4589/A, 1st Floor, Opp. Jain Basti, Shetty Galli, Belagavi - 02.
Printed at M/s. Laxmi Printers, No. 627, Auto Nagar, Belagavi - 16. Editor: Sampatkumar Kalyanrao Muchalambi. RNI. Regn No.58167/1994	Registered No. PMG/KA/NK/BM/292/21-23 PERMITTED TO POST AT Belagavi Kutchery SO
